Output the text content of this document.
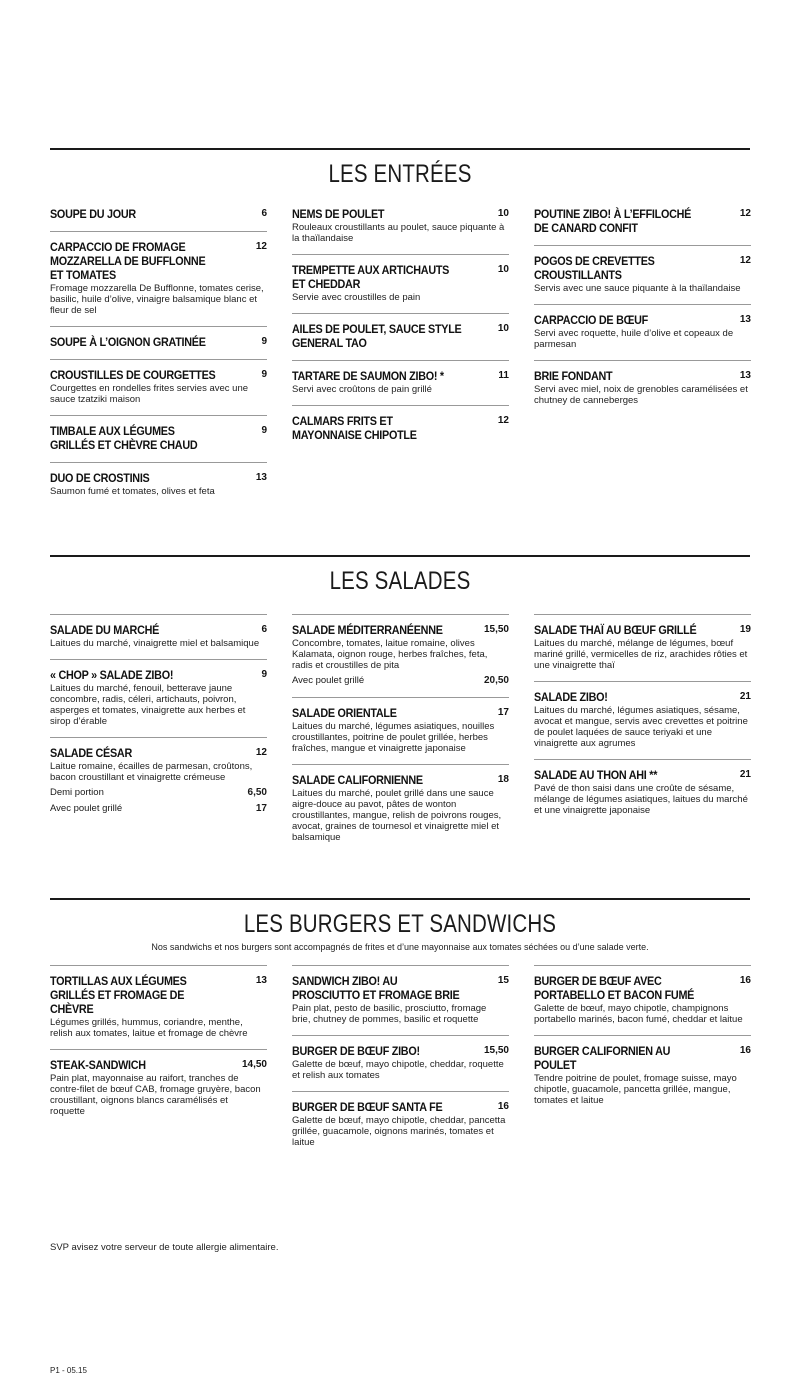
LES ENTRÉES
SOUPE DU JOUR	6
CARPACCIO DE FROMAGE MOZZARELLA DE BUFFLONNE ET TOMATES
12
Fromage mozzarella De Bufflonne, tomates cerise, basilic, huile d’olive, vinaigre balsamique blanc et fleur de sel
SOUPE À L’OIGNON GRATINÉE	9
CROUSTILLES DE COURGETTES	9
Courgettes en rondelles frites servies avec une sauce tzatziki maison
TIMBALE AUX LÉGUMES GRILLÉS ET CHÈVRE CHAUD
9
DUO DE CROSTINIS	13
Saumon fumé et tomates, olives et feta
NEMS DE POULET	10
Rouleaux croustillants au poulet, sauce piquante à la thaïlandaise
TREMPETTE AUX ARTICHAUTS ET CHEDDAR
10
Servie avec croustilles de pain
AILES DE POULET, SAUCE STYLE GENERAL TAO
10
TARTARE DE SAUMON ZIBO! *	11
Servi avec croûtons de pain grillé
CALMARS FRITS ET MAYONNAISE CHIPOTLE
12
POUTINE ZIBO! À L’EFFILOCHÉ DE CANARD CONFIT
12
POGOS DE CREVETTES CROUSTILLANTS
12
Servis avec une sauce piquante à la thaïlandaise
CARPACCIO DE BŒUF	13
Servi avec roquette, huile d’olive et copeaux de parmesan
BRIE FONDANT	13
Servi avec miel, noix de grenobles caramélisées et chutney de canneberges
LES SALADES
SALADE DU MARCHÉ	6
Laitues du marché, vinaigrette miel et balsamique
« CHOP » SALADE ZIBO!	9
Laitues du marché, fenouil, betterave jaune concombre, radis, céleri, artichauts, poivron, asperges et tomates, vinaigrette aux herbes et sirop d’érable
SALADE CÉSAR	12
Laitue romaine, écailles de parmesan, croûtons, bacon croustillant et vinaigrette crémeuse
Demi portion	6,50
Avec poulet grillé	17
SALADE MÉDITERRANÉENNE	15,50
Concombre, tomates, laitue romaine, olives Kalamata, oignon rouge, herbes fraîches, feta, radis et croustilles de pita
Avec poulet grillé	20,50
SALADE ORIENTALE	17
Laitues du marché, légumes asiatiques, nouilles croustillantes, poitrine de poulet grillée, herbes fraîches, mangue et vinaigrette japonaise
SALADE CALIFORNIENNE	18
Laitues du marché, poulet grillé dans une sauce aigre-douce au pavot, pâtes de wonton croustillantes, mangue, relish de poivrons rouges, avocat, graines de tournesol et vinaigrette miel et balsamique
SALADE THAÏ AU BŒUF GRILLÉ	19
Laitues du marché, mélange de légumes, bœuf mariné grillé, vermicelles de riz, arachides rôties et une vinaigrette thaï
SALADE ZIBO!	21
Laitues du marché, légumes asiatiques, sésame, avocat et mangue, servis avec crevettes et poitrine de poulet laquées de sauce teriyaki et une vinaigrette aux agrumes
SALADE AU THON AHI **	21
Pavé de thon saisi dans une croûte de sésame, mélange de légumes asiatiques, laitues du marché et une vinaigrette japonaise
LES BURGERS ET SANDWICHS
Nos sandwichs et nos burgers sont accompagnés de frites et d’une mayonnaise aux tomates séchées ou d’une salade verte.
TORTILLAS AUX LÉGUMES GRILLÉS ET FROMAGE DE CHÈVRE
13
Légumes grillés, hummus, coriandre, menthe, relish aux tomates, laitue et fromage de chèvre
STEAK-SANDWICH	14,50
Pain plat, mayonnaise au raifort, tranches de contre-filet de bœuf CAB, fromage gruyère, bacon croustillant, oignons blancs caramélisés et roquette
SANDWICH ZIBO! AU PROSCIUTTO ET FROMAGE BRIE
15
Pain plat, pesto de basilic, prosciutto, fromage brie, chutney de pommes, basilic et roquette
BURGER DE BŒUF ZIBO!	15,50
Galette de bœuf, mayo chipotle, cheddar, roquette et relish aux tomates
BURGER DE BŒUF SANTA FE	16
Galette de bœuf, mayo chipotle, cheddar, pancetta grillée, guacamole, oignons marinés, tomates et laitue
BURGER DE BŒUF AVEC PORTABELLO ET BACON FUMÉ
16
Galette de bœuf, mayo chipotle, champignons portabello marinés, bacon fumé, cheddar et laitue
BURGER CALIFORNIEN AU POULET
16
Tendre poitrine de poulet, fromage suisse, mayo chipotle, guacamole, pancetta grillée, mangue, tomates et laitue
SVP avisez votre serveur de toute allergie alimentaire.
P1 - 05.15
